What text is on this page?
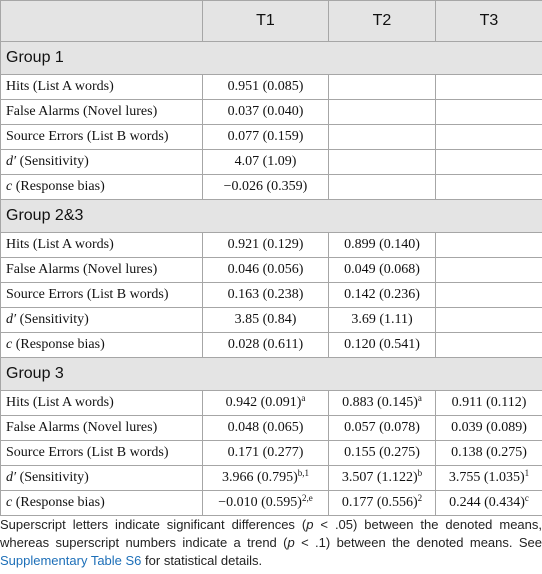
	T1	T2	T3
Group 1			
Hits (List A words)	0.951 (0.085)		
False Alarms (Novel lures)	0.037 (0.040)		
Source Errors (List B words)	0.077 (0.159)		
d′ (Sensitivity)	4.07 (1.09)		
c (Response bias)	−0.026 (0.359)		
Group 2&3			
Hits (List A words)	0.921 (0.129)	0.899 (0.140)	
False Alarms (Novel lures)	0.046 (0.056)	0.049 (0.068)	
Source Errors (List B words)	0.163 (0.238)	0.142 (0.236)	
d′ (Sensitivity)	3.85 (0.84)	3.69 (1.11)	
c (Response bias)	0.028 (0.611)	0.120 (0.541)	
Group 3			
Hits (List A words)	0.942 $(0.091)^a$	0.883 $(0.145)^a$	0.911 (0.112)
False Alarms (Novel lures)	0.048 (0.065)	0.057 (0.078)	0.039 (0.089)
Source Errors (List B words)	0.171 (0.277)	0.155 (0.275)	0.138 (0.275)
d′ (Sensitivity)	3.966 $(0.795)^{b,1}$	3.507 $(1.122)^b$	3.755 $(1.035)^1$
c (Response bias)	−0.010 $(0.595)^{2,e}$	0.177 $(0.556)^2$	0.244 $(0.434)^c$
Superscript letters indicate significant differences (p < .05) between the denoted means, whereas superscript numbers indicate a trend (p < .1) between the denoted means. See Supplementary Table S6 for statistical details.
